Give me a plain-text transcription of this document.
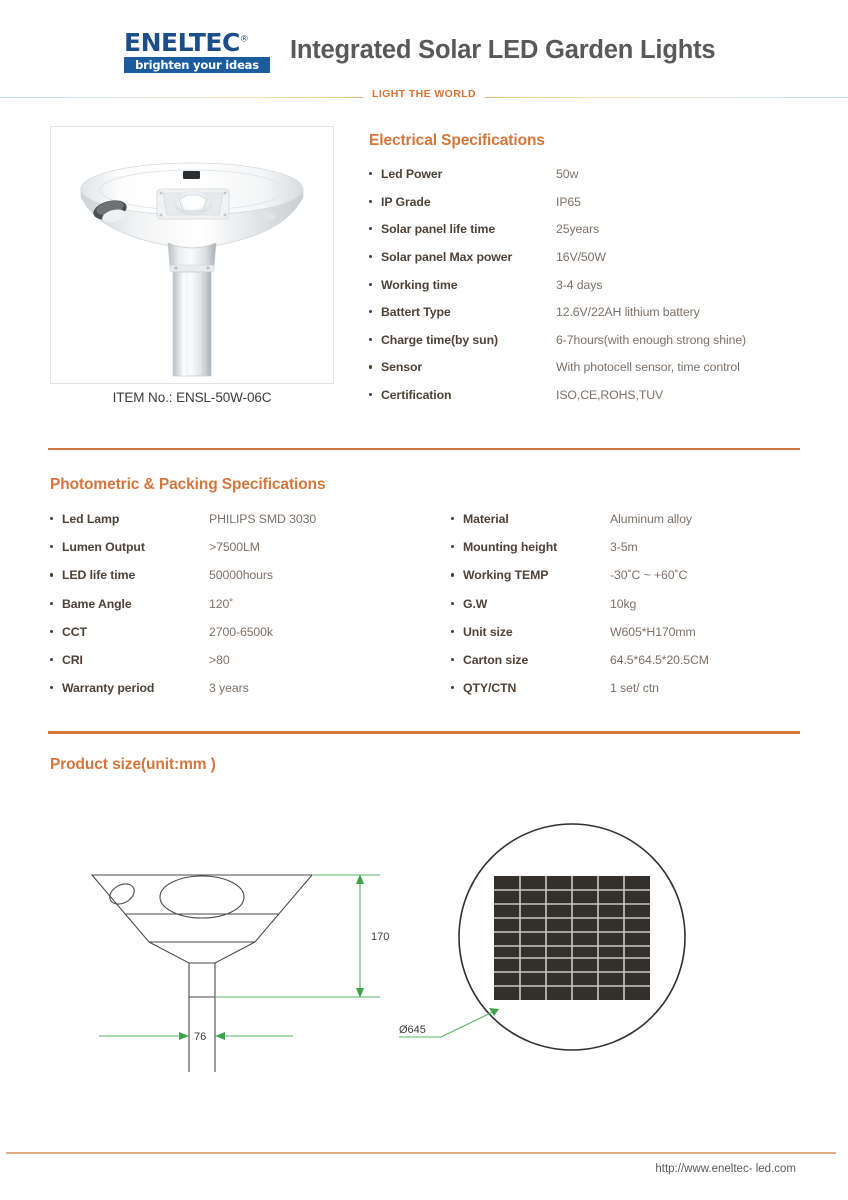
ENELTEC®
brighten your ideas
Integrated Solar LED Garden Lights
LIGHT THE WORLD
ITEM No.: ENSL-50W-06C
Electrical Specifications
Led Power	50w
IP Grade	IP65
Solar panel life time	25years
Solar panel Max power	16V/50W
Working time	3-4 days
Battert Type	12.6V/22AH lithium battery
Charge time(by sun)	6-7hours(with enough strong shine)
Sensor	With photocell sensor, time control
Certification	ISO,CE,ROHS,TUV
Photometric & Packing Specifications
Led Lamp	PHILIPS SMD 3030
Lumen Output	>7500LM
LED life time	50000hours
Bame Angle	120˚
CCT	2700-6500k
CRI	>80
Warranty period	3 years
Material	Aluminum alloy
Mounting height	3-5m
Working TEMP	-30˚C ~ +60˚C
G.W	10kg
Unit size	W605*H170mm
Carton size	64.5*64.5*20.5CM
QTY/CTN	1 set/ ctn
Product size(unit:mm )
170
76
Ø645
http://www.eneltec- led.com
